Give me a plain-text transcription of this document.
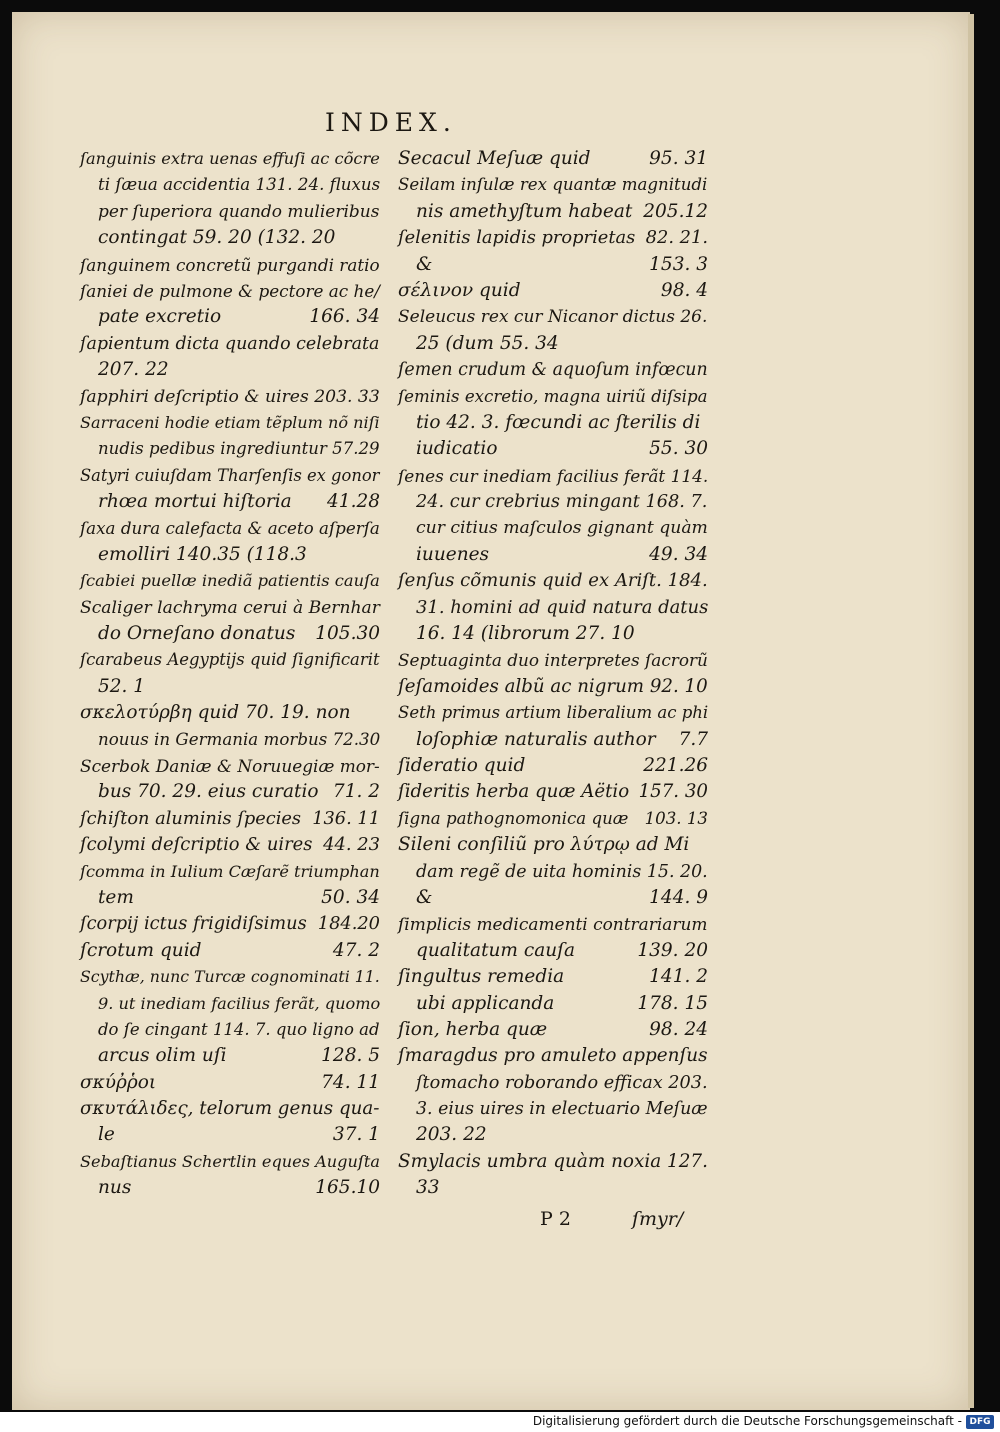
INDEX.
ſanguinis extra uenas effuſi ac cõcre
ti ſæua accidentia 131. 24. fluxus
per ſuperiora quando mulieribus
contingat 59. 20 (132. 20
ſanguinem concretũ purgandi ratio
ſaniei de pulmone & pectore ac he/
pate excretio	166. 34
ſapientum dicta quando celebrata
207. 22
ſapphiri deſcriptio & uires 203. 33
Sarraceni hodie etiam tẽplum nõ niſi
nudis pedibus ingrediuntur 57.29
Satyri cuiuſdam Tharſenſis ex gonor
rhœa mortui hiſtoria 41.28
ſaxa dura calefacta & aceto aſperſa
emolliri 140.35 (118.3
ſcabiei puellæ inediã patientis cauſa
Scaliger lachryma cerui à Bernhar
do Orneſano donatus 105.30
ſcarabeus Aegyptijs quid ſignificarit
52. 1
σκελοτύρβη quid 70. 19. non
nouus in Germania morbus 72.30
Scerbok Daniæ & Noruuegiæ mor-
bus 70. 29. eius curatio 71. 2
ſchiſton aluminis ſpecies 136. 11
ſcolymi deſcriptio & uires 44. 23
ſcomma in Iulium Cæſarẽ triumphan
tem	50. 34
ſcorpij ictus frigidiſsimus 184.20
ſcrotum quid	47. 2
Scythæ, nunc Turcæ cognominati 11.
9. ut inediam facilius ferãt, quomo
do ſe cingant 114. 7. quo ligno ad
arcus olim uſi	128. 5
σκύῤῥοι	74. 11
σκυτάλιδες, telorum genus qua-
le	37. 1
Sebaſtianus Schertlin eques Auguſta
nus	165.10
Secacul Meſuæ quid	95. 31
Seilam inſulæ rex quantæ magnitudi
nis amethyſtum habeat 205.12
ſelenitis lapidis proprietas 82. 21.
&	153. 3
σέλινον quid	98. 4
Seleucus rex cur Nicanor dictus 26.
25 (dum 55. 34
ſemen crudum & aquoſum infœcun
ſeminis excretio, magna uiriũ diſsipa
tio 42. 3. fœcundi ac ſterilis di
iudicatio	55. 30
ſenes cur inediam facilius ferãt 114.
24. cur crebrius mingant 168. 7.
cur citius maſculos gignant quàm
iuuenes	49. 34
ſenſus cõmunis quid ex Ariſt. 184.
31. homini ad quid natura datus
16. 14 (librorum 27. 10
Septuaginta duo interpretes ſacrorũ
ſeſamoides albũ ac nigrum 92. 10
Seth primus artium liberalium ac phi
loſophiæ naturalis author 7.7
ſideratio quid	221.26
ſideritis herba quæ Aëtio 157. 30
ſigna pathognomonica quæ 103. 13
Sileni conſiliũ pro λύτρῳ ad Mi
dam regẽ de uita hominis 15. 20.
&	144. 9
ſimplicis medicamenti contrariarum
qualitatum cauſa	139. 20
ſingultus remedia	141. 2
ubi applicanda	178. 15
ſion, herba quæ	98. 24
ſmaragdus pro amuleto appenſus
ſtomacho roborando efficax 203.
3. eius uires in electuario Meſuæ
203. 22
Smylacis umbra quàm noxia 127.
33
P 2	ſmyr/
Digitalisierung gefördert durch die Deutsche Forschungsgemeinschaft - DFG
